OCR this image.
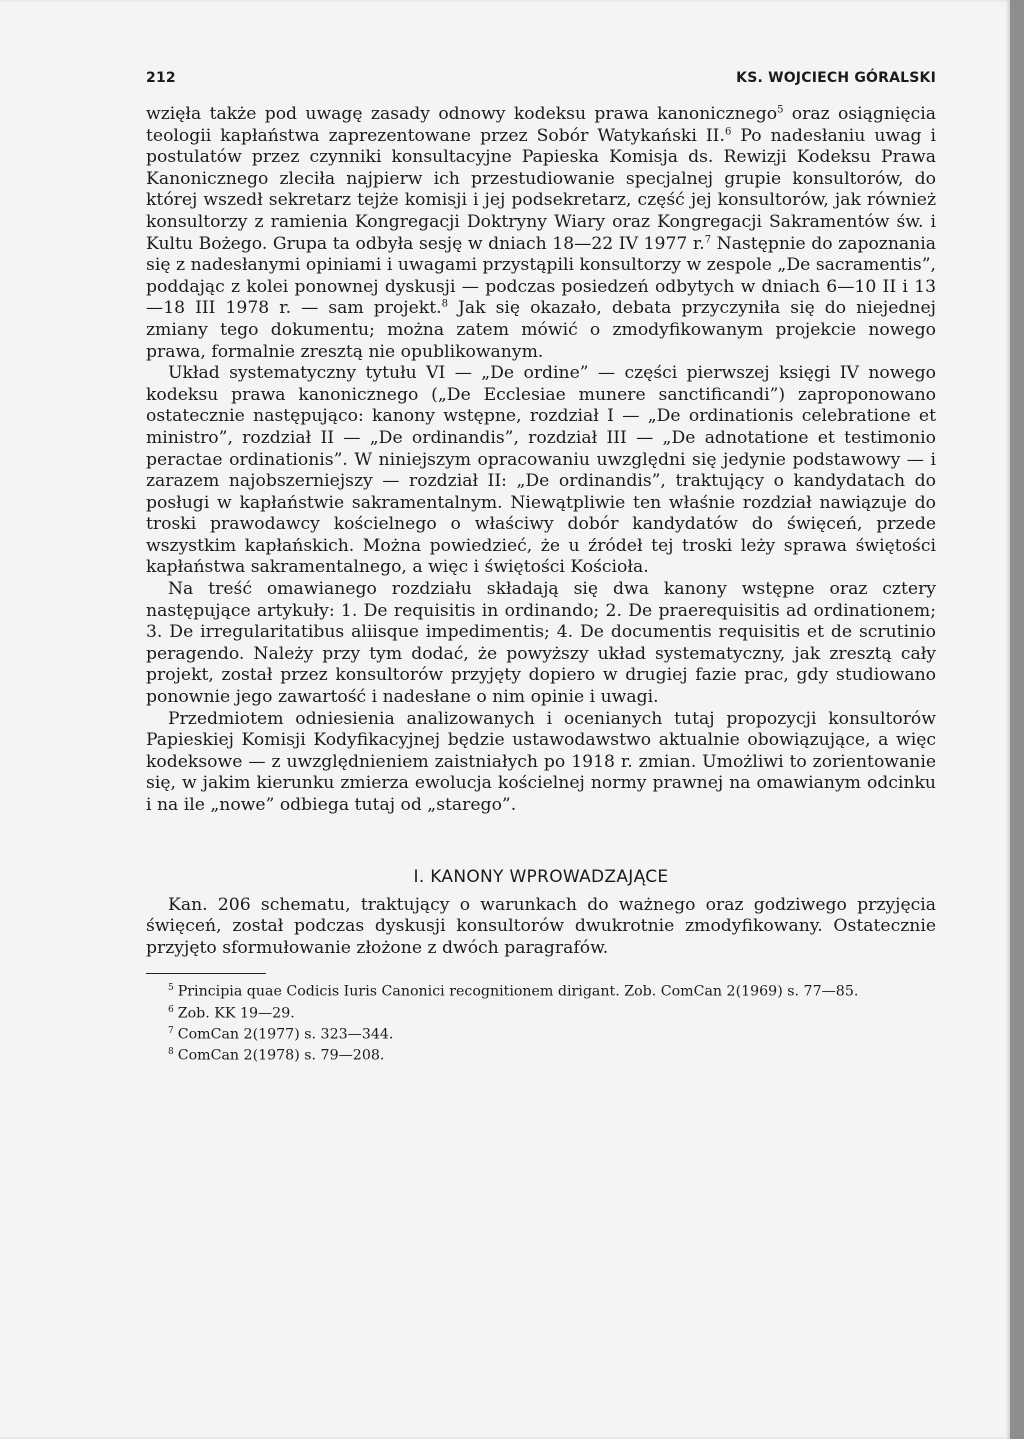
212	KS. WOJCIECH GÓRALSKI

wzięła także pod uwagę zasady odnowy kodeksu prawa kanonicznego$^5$ oraz osiągnięcia teologii kapłaństwa zaprezentowane przez Sobór Watykański II.$^6$ Po nadesłaniu uwag i postulatów przez czynniki konsultacyjne Papieska Komisja ds. Rewizji Kodeksu Prawa Kanonicznego zleciła najpierw ich przestudiowanie specjalnej grupie konsultorów, do której wszedł sekretarz tejże komisji i jej podsekretarz, część jej konsultorów, jak również konsultorzy z ramienia Kongregacji Doktryny Wiary oraz Kongregacji Sakramentów św. i Kultu Bożego. Grupa ta odbyła sesję w dniach 18—22 IV 1977 r.$^7$ Następnie do zapoznania się z nadesłanymi opiniami i uwagami przystąpili konsultorzy w zespole „De sacramentis”, poddając z kolei ponownej dyskusji — podczas posiedzeń odbytych w dniach 6—10 II i 13—18 III 1978 r. — sam projekt.$^8$ Jak się okazało, debata przyczyniła się do niejednej zmiany tego dokumentu; można zatem mówić o zmodyfikowanym projekcie nowego prawa, formalnie zresztą nie opublikowanym.

Układ systematyczny tytułu VI — „De ordine” — części pierwszej księgi IV nowego kodeksu prawa kanonicznego („De Ecclesiae munere sanctificandi”) zaproponowano ostatecznie następująco: kanony wstępne, rozdział I — „De ordinationis celebratione et ministro”, rozdział II — „De ordinandis”, rozdział III — „De adnotatione et testimonio peractae ordinationis”. W niniejszym opracowaniu uwzględni się jedynie podstawowy — i zarazem najobszerniejszy — rozdział II: „De ordinandis”, traktujący o kandydatach do posługi w kapłaństwie sakramentalnym. Niewątpliwie ten właśnie rozdział nawiązuje do troski prawodawcy kościelnego o właściwy dobór kandydatów do święceń, przede wszystkim kapłańskich. Można powiedzieć, że u źródeł tej troski leży sprawa świętości kapłaństwa sakramentalnego, a więc i świętości Kościoła.

Na treść omawianego rozdziału składają się dwa kanony wstępne oraz cztery następujące artykuły: 1. De requisitis in ordinando; 2. De praerequisitis ad ordinationem; 3. De irregularitatibus aliisque impedimentis; 4. De documentis requisitis et de scrutinio peragendo. Należy przy tym dodać, że powyższy układ systematyczny, jak zresztą cały projekt, został przez konsultorów przyjęty dopiero w drugiej fazie prac, gdy studiowano ponownie jego zawartość i nadesłane o nim opinie i uwagi.

Przedmiotem odniesienia analizowanych i ocenianych tutaj propozycji konsultorów Papieskiej Komisji Kodyfikacyjnej będzie ustawodawstwo aktualnie obowiązujące, a więc kodeksowe — z uwzględnieniem zaistniałych po 1918 r. zmian. Umożliwi to zorientowanie się, w jakim kierunku zmierza ewolucja kościelnej normy prawnej na omawianym odcinku i na ile „nowe” odbiega tutaj od „starego”.

I. KANONY WPROWADZAJĄCE

Kan. 206 schematu, traktujący o warunkach do ważnego oraz godziwego przyjęcia święceń, został podczas dyskusji konsultorów dwukrotnie zmodyfikowany. Ostatecznie przyjęto sformułowanie złożone z dwóch paragrafów.

$^5$ Principia quae Codicis Iuris Canonici recognitionem dirigant. Zob. ComCan 2(1969) s. 77—85.

$^6$ Zob. KK 19—29.

$^7$ ComCan 2(1977) s. 323—344.

$^8$ ComCan 2(1978) s. 79—208.
